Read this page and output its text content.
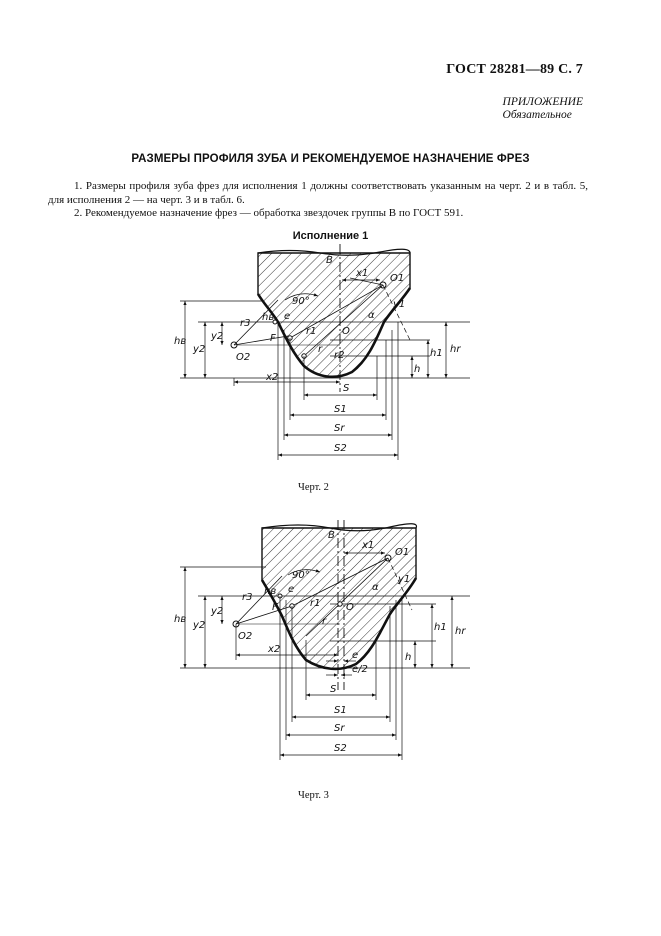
ГОСТ 28281—89 С. 7
ПРИЛОЖЕНИЕ
Обязательное
РАЗМЕРЫ ПРОФИЛЯ ЗУБА И РЕКОМЕНДУЕМОЕ НАЗНАЧЕНИЕ ФРЕЗ
1. Размеры профиля зуба фрез для исполнения 1 должны соответствовать указанным на черт. 2 и в табл. 5, для исполнения 2 — на черт. 3 и в табл. 6.
2. Рекомендуемое назначение фрез — обработка звездочек группы В по ГОСТ 591.
Исполнение 1
B
x1 O1
y1
90°
r3
α
e
F
r1	O
hв
hв
y2
y2
O2
r
r2	h1 hr
h
x2
S
S1
Sr
S2
B
x1
O1
y1
90°
r3
α
e
F	r1	O
hв
hв
y2
y2
O2
r
h1 hr
h
x2
e
e/2
S
S1
Sr
S2
Черт. 2
Черт. 3
